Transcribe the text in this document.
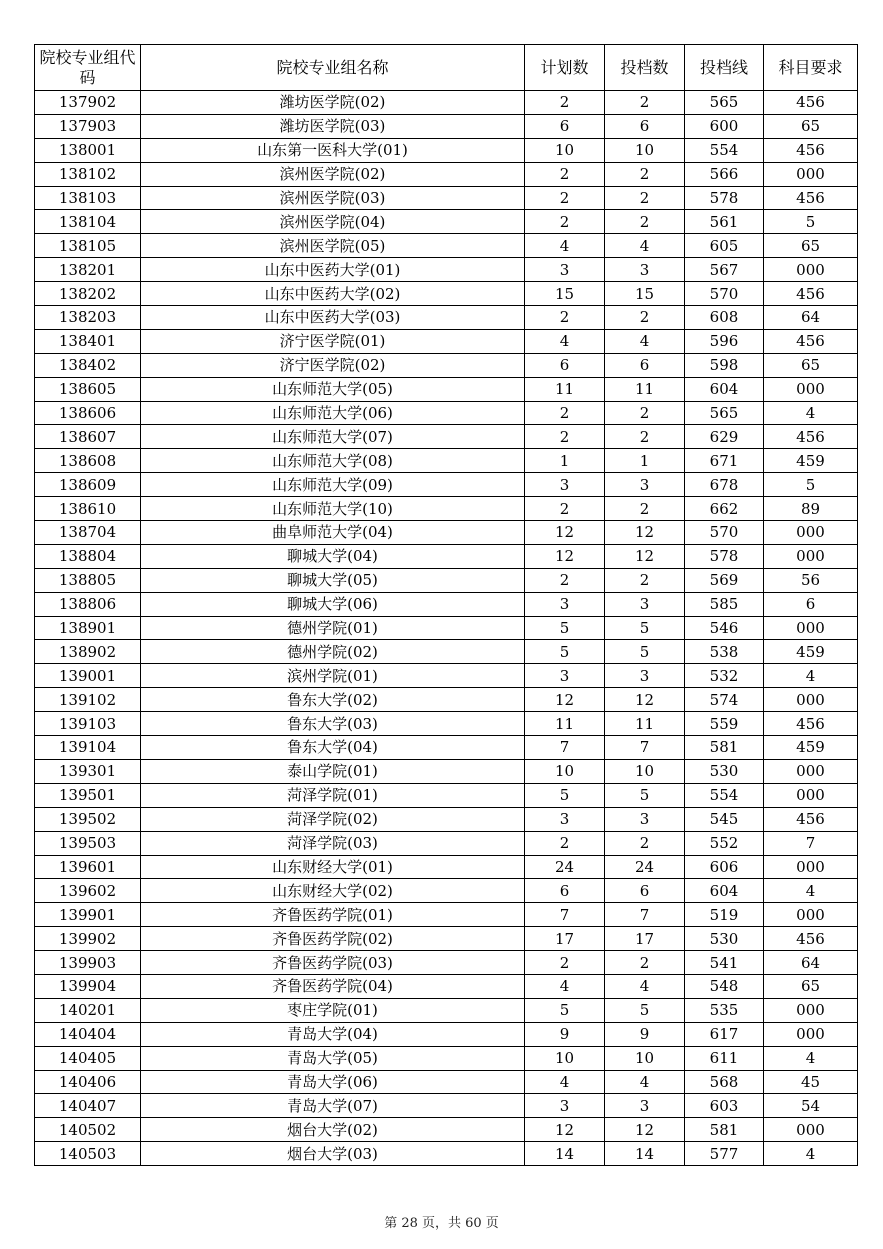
院校专业组代码	院校专业组名称	计划数	投档数	投档线	科目要求
137902	潍坊医学院(02)	2	2	565	456
137903	潍坊医学院(03)	6	6	600	65
138001	山东第一医科大学(01)	10	10	554	456
138102	滨州医学院(02)	2	2	566	000
138103	滨州医学院(03)	2	2	578	456
138104	滨州医学院(04)	2	2	561	5
138105	滨州医学院(05)	4	4	605	65
138201	山东中医药大学(01)	3	3	567	000
138202	山东中医药大学(02)	15	15	570	456
138203	山东中医药大学(03)	2	2	608	64
138401	济宁医学院(01)	4	4	596	456
138402	济宁医学院(02)	6	6	598	65
138605	山东师范大学(05)	11	11	604	000
138606	山东师范大学(06)	2	2	565	4
138607	山东师范大学(07)	2	2	629	456
138608	山东师范大学(08)	1	1	671	459
138609	山东师范大学(09)	3	3	678	5
138610	山东师范大学(10)	2	2	662	89
138704	曲阜师范大学(04)	12	12	570	000
138804	聊城大学(04)	12	12	578	000
138805	聊城大学(05)	2	2	569	56
138806	聊城大学(06)	3	3	585	6
138901	德州学院(01)	5	5	546	000
138902	德州学院(02)	5	5	538	459
139001	滨州学院(01)	3	3	532	4
139102	鲁东大学(02)	12	12	574	000
139103	鲁东大学(03)	11	11	559	456
139104	鲁东大学(04)	7	7	581	459
139301	泰山学院(01)	10	10	530	000
139501	菏泽学院(01)	5	5	554	000
139502	菏泽学院(02)	3	3	545	456
139503	菏泽学院(03)	2	2	552	7
139601	山东财经大学(01)	24	24	606	000
139602	山东财经大学(02)	6	6	604	4
139901	齐鲁医药学院(01)	7	7	519	000
139902	齐鲁医药学院(02)	17	17	530	456
139903	齐鲁医药学院(03)	2	2	541	64
139904	齐鲁医药学院(04)	4	4	548	65
140201	枣庄学院(01)	5	5	535	000
140404	青岛大学(04)	9	9	617	000
140405	青岛大学(05)	10	10	611	4
140406	青岛大学(06)	4	4	568	45
140407	青岛大学(07)	3	3	603	54
140502	烟台大学(02)	12	12	581	000
140503	烟台大学(03)	14	14	577	4
第 28 页，共 60 页
